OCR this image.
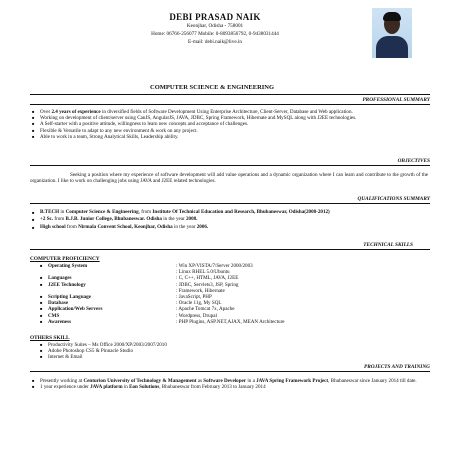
DEBI PRASAD NAIK
Keonjhar, Odisha - 758001
Home: 06766-256077 Mobile: 0-8093856792, 0-9438031444
E-mail: debi.naik@live.in
COMPUTER SCIENCE & ENGINEERING
PROFESSIONAL SUMMARY
■ Over 2.4 years of experience in diversified fields of Software Development Using Enterprise Architecture, Client-Server, Database and Web application.
■ Working on development of client/server using CanJS, AngularJS, JAVA, JDBC, Spring Framework, Hibernate and MySQL along with J2EE technologies.
■ A Self-starter with a positive attitude, willingness to learn new concepts and acceptance of challenges.
■ Flexible & Versatile to adapt to any new environment & work on any project.
■ Able to work in a team, Strong Analytical Skills, Leadership ability.
OBJECTIVES
Seeking a position where my experience of software development will add value operations and a dynamic organization where I can learn and contribute to the growth of the organization. I like to work on challenging jobs using JAVA and J2EE related technologies.
QUALIFICATIONS SUMMARY
■ B.TECH in Computer Science & Engineering, from Institute Of Technical Education and Research, Bhubaneswar, Odisha(2008-2012)
■ +2 Sc. from B.J.B. Junior College, Bhubaneswar. Odisha in the year 2008.
■ High school from Nirmala Convent School, Keonjhar, Odisha in the year 2006.
TECHNICAL SKILLS
COMPUTER PROFICIENCY
■ Operating System	: Win XP/VISTA/7/Server 2000/2003
: Linux RHEL 5.0/Ubuntu
■ Languages	: C, C++, HTML, JAVA, J2EE
■ J2EE Technology	: JDBC, Servlets3, JSP, Spring
: Framework, Hibernate
■ Scripting Language	: JavaScript, PHP
■ Database	: Oracle 11g, My SQL
■ Application/Web Servers	: Apache Tomcat 7x, Apache
■ CMS	: Wordpress, Drupal
■ Awareness	: PHP Plugins, ASP.NET,AJAX, MEAN Architecture
OTHERS SKILL
■ Productivity Suites – Ms Office 2000/XP/2003/2007/2010
■ Adobe Photoshop CS5 & Pinnacle Studio
■ Internet & Email
PROJECTS AND TRAINING
■ Presently working at Centurion University of Technology & Management as Software Developer in a JAVA Spring Framework Project, Bhubaneswar since January 2014 till date.
■ 1 year experience under JAVA platform in Eon Solutions, Bhubaneswar from February 2013 to January 2014
